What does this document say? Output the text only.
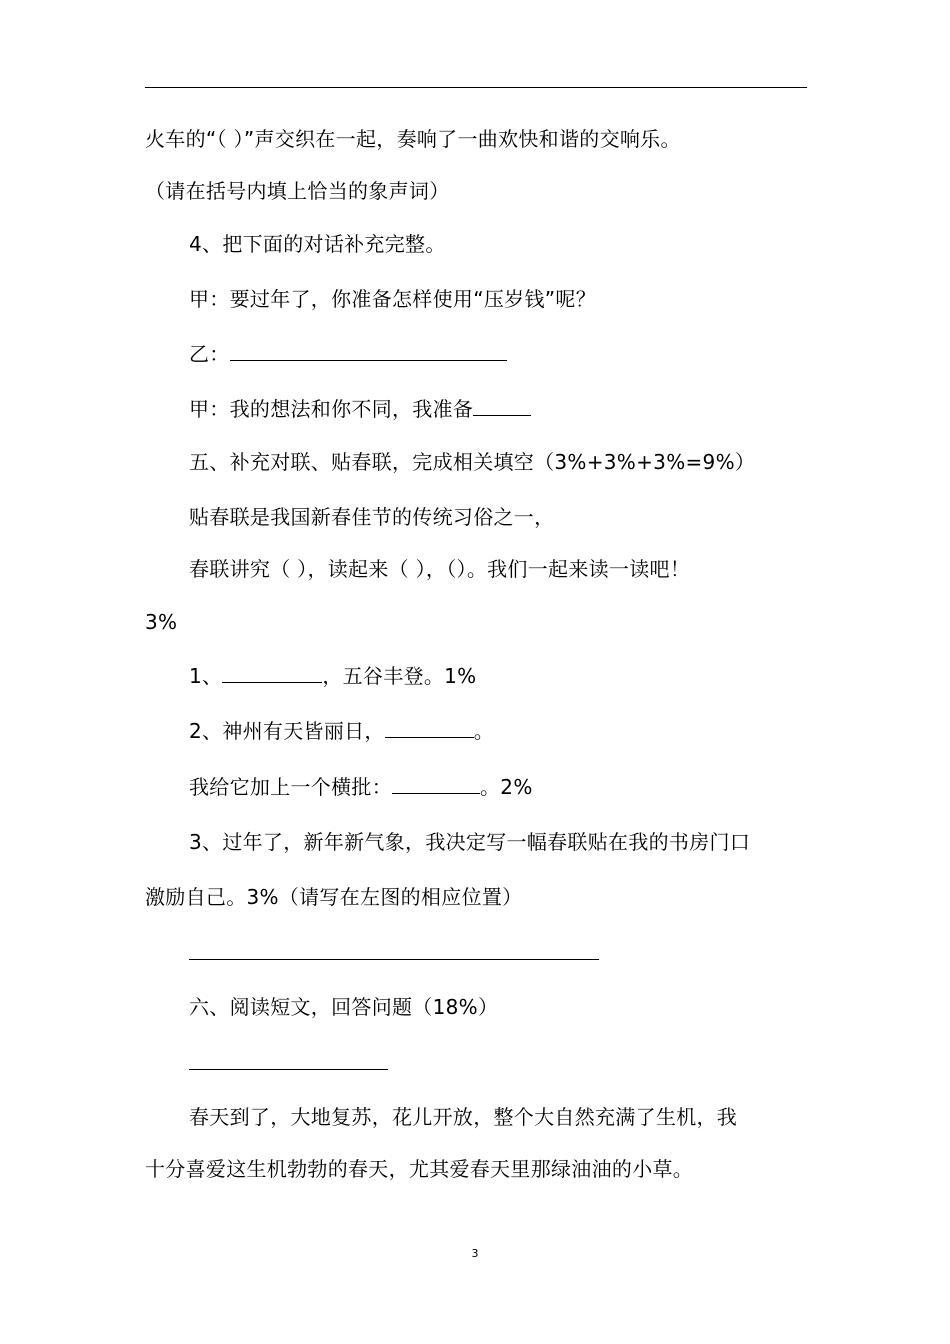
火车的“（ ）”声交织在一起，奏响了一曲欢快和谐的交响乐。
（请在括号内填上恰当的象声词）
4、把下面的对话补充完整。
甲：要过年了，你准备怎样使用“压岁钱”呢？
乙：
甲：我的想法和你不同，我准备
五、补充对联、贴春联，完成相关填空（3%+3%+3%=9%）
贴春联是我国新春佳节的传统习俗之一，
春联讲究（ ），读起来（ ），（）。我们一起来读一读吧！
3%
1、	，五谷丰登。1%
2、神州有天皆丽日，	。
我给它加上一个横批：	。2%
3、过年了，新年新气象，我决定写一幅春联贴在我的书房门口
激励自己。3%（请写在左图的相应位置）
六、阅读短文，回答问题（18%）
春天到了，大地复苏，花儿开放，整个大自然充满了生机，我
十分喜爱这生机勃勃的春天，尤其爱春天里那绿油油的小草。
3
